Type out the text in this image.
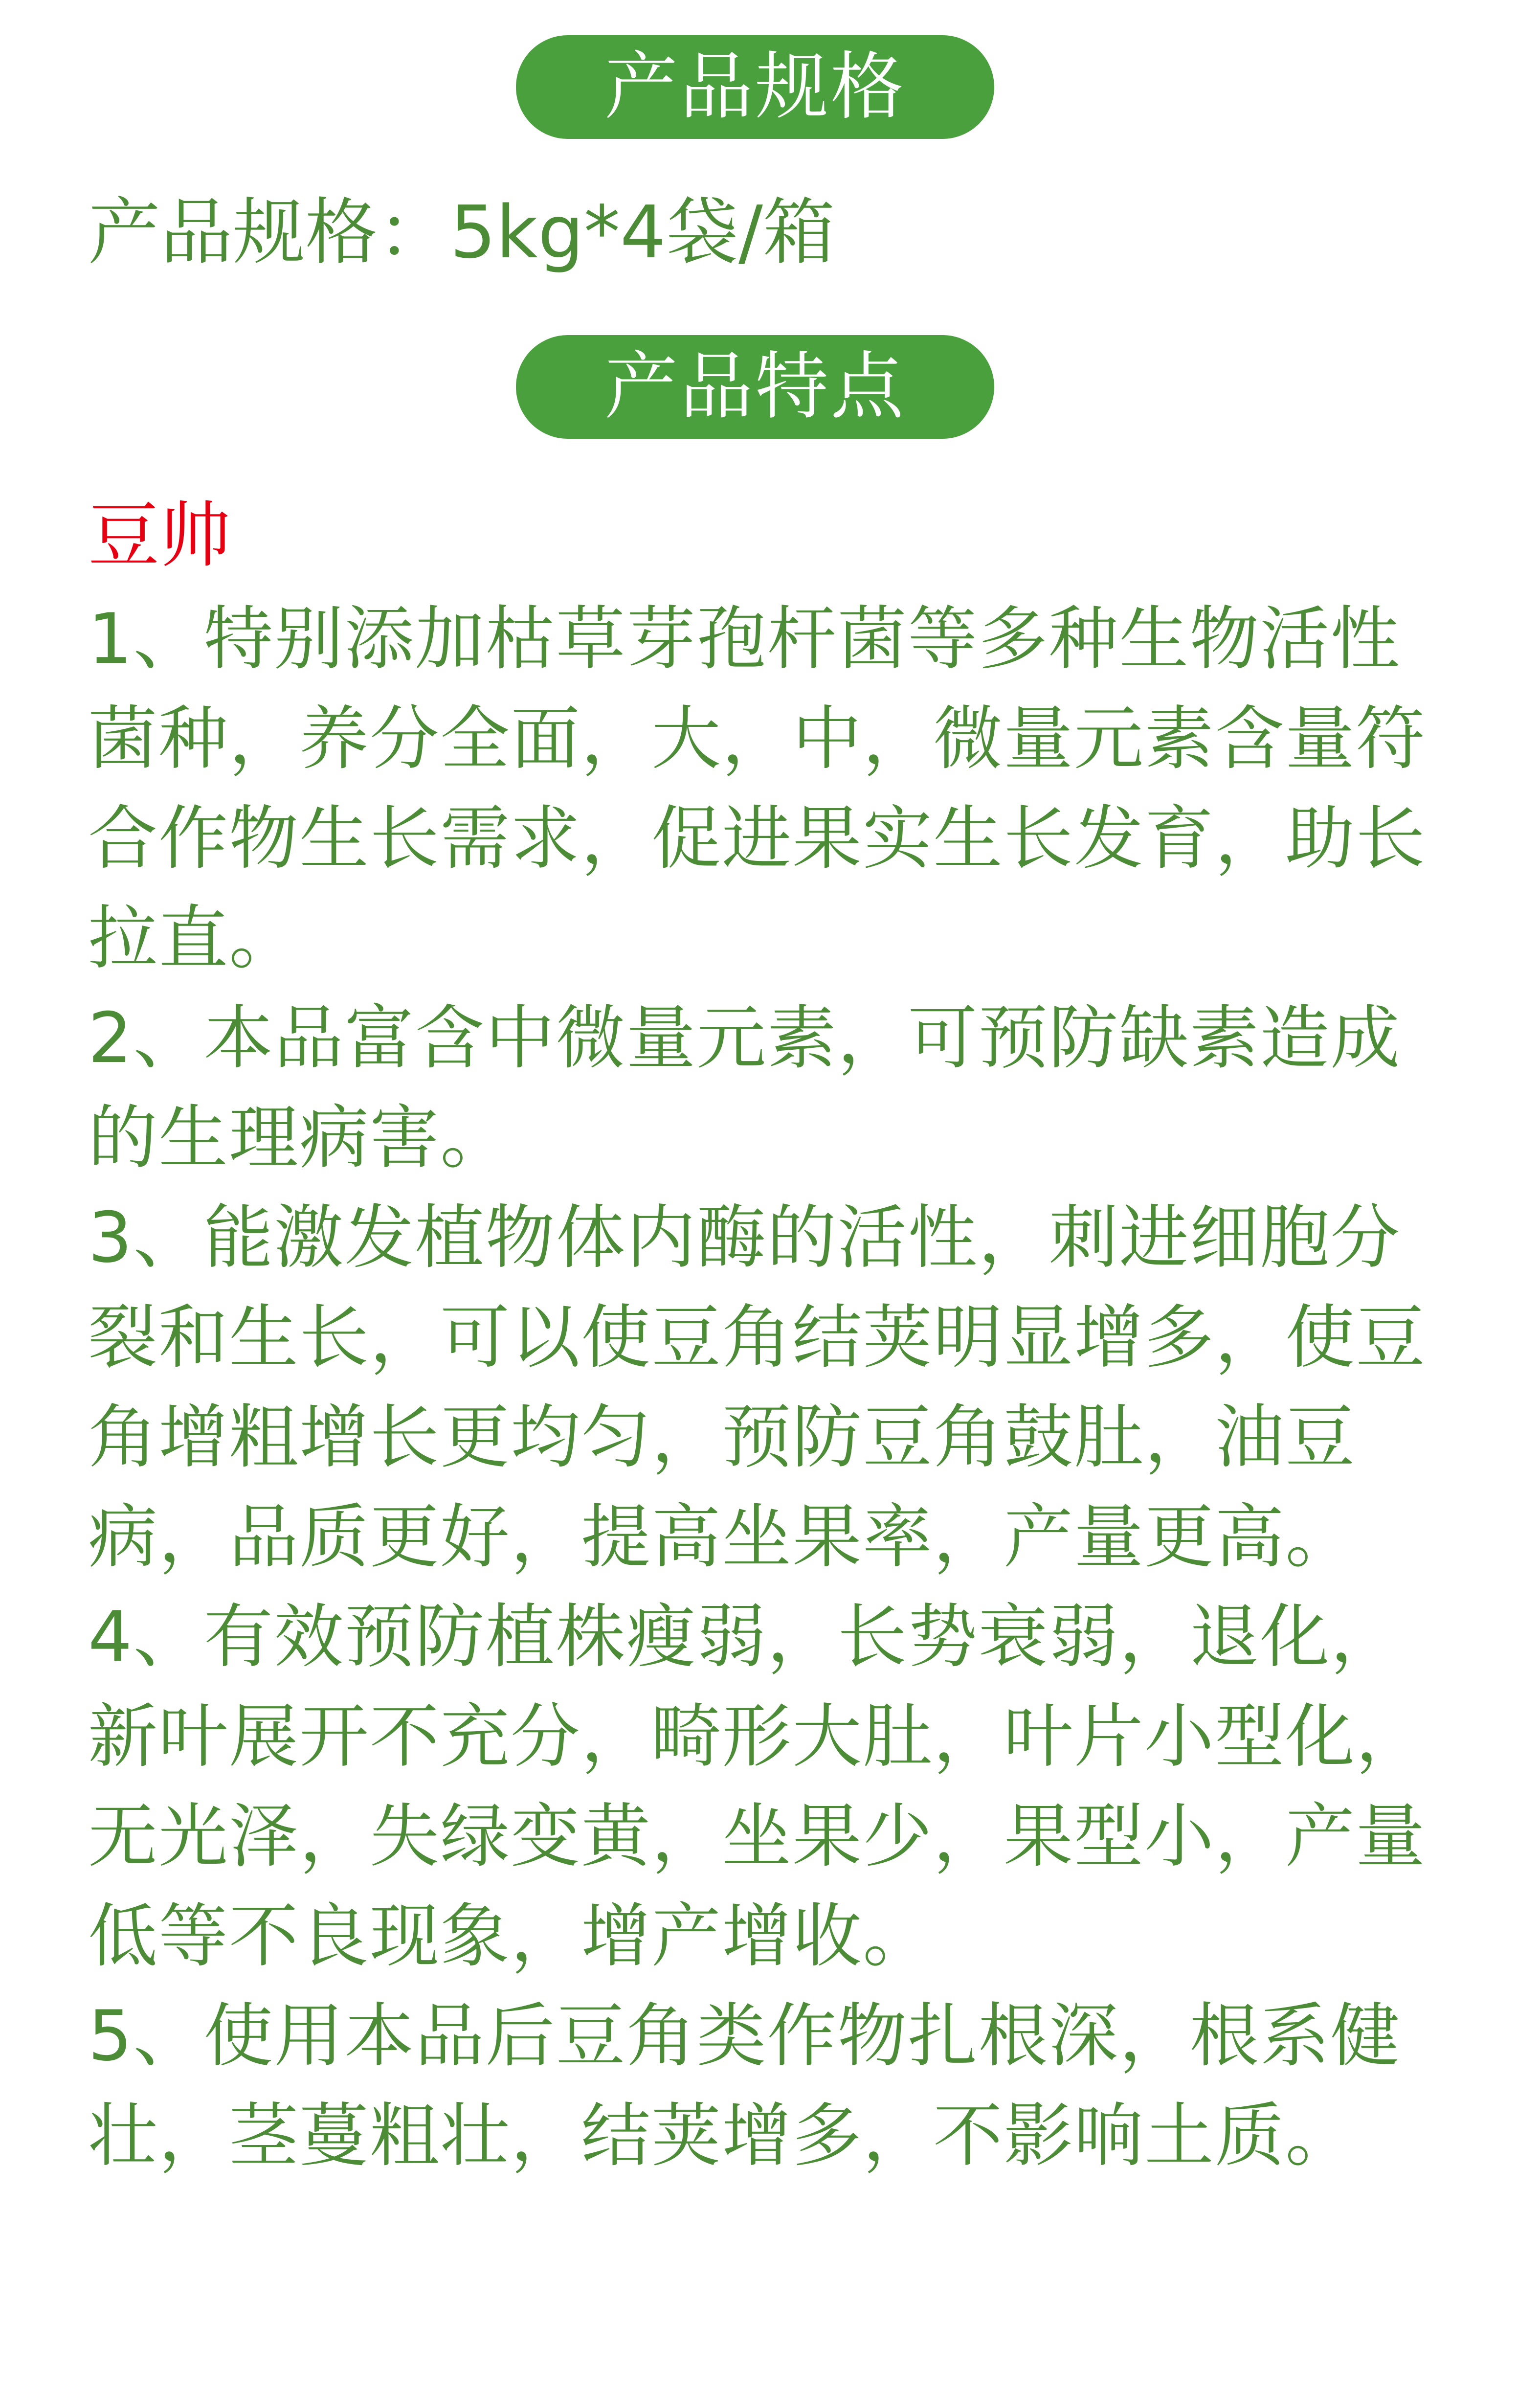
产品规格
产品规格：5kg*4袋/箱
产品特点
豆帅

1、特别添加枯草芽孢杆菌等多种生物活性菌种，养分全面，大，中，微量元素含量符合作物生长需求，促进果实生长发育，助长拉直。

2、本品富含中微量元素，可预防缺素造成的生理病害。

3、能激发植物体内酶的活性，刺进细胞分裂和生长，可以使豆角结荚明显增多，使豆角增粗增长更均匀，预防豆角鼓肚，油豆病，品质更好，提高坐果率，产量更高。

4、有效预防植株瘦弱，长势衰弱，退化，新叶展开不充分，畸形大肚，叶片小型化，无光泽，失绿变黄，坐果少，果型小，产量低等不良现象，增产增收。

5、使用本品后豆角类作物扎根深，根系健壮，茎蔓粗壮，结荚增多，不影响土质。
